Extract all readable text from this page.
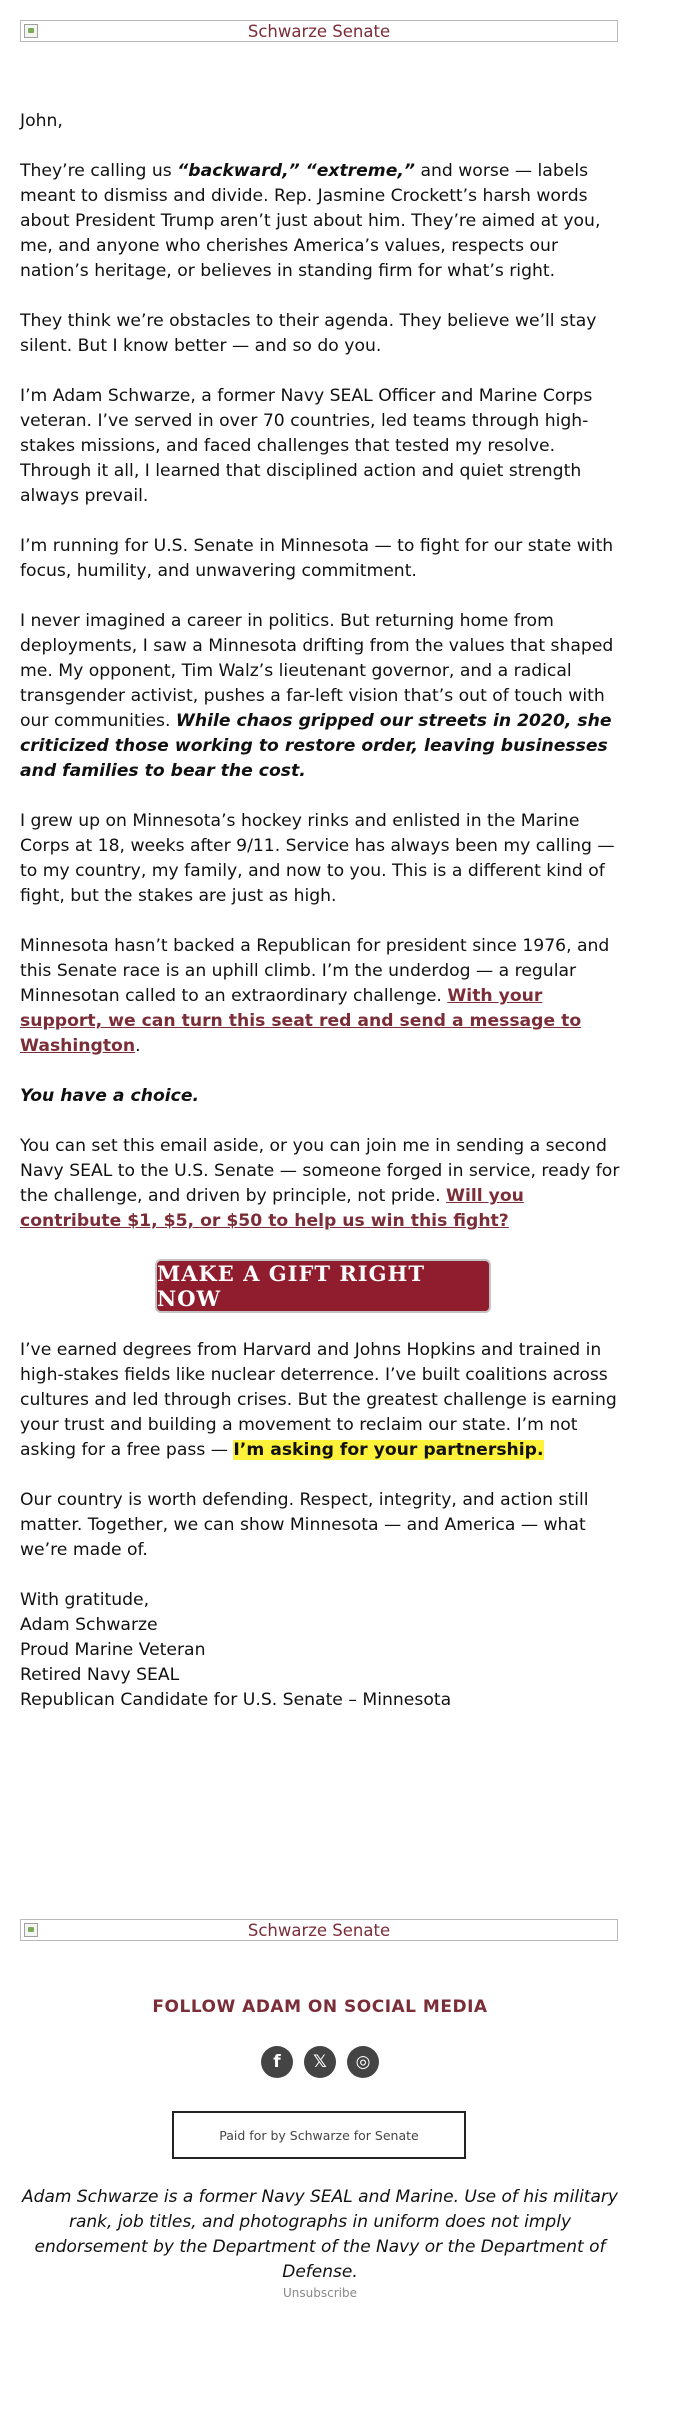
Schwarze Senate

John,

They’re calling us “backward,” “extreme,” and worse — labels meant to dismiss and divide. Rep. Jasmine Crockett’s harsh words about President Trump aren’t just about him. They’re aimed at you, me, and anyone who cherishes America’s values, respects our nation’s heritage, or believes in standing firm for what’s right.

They think we’re obstacles to their agenda. They believe we’ll stay silent. But I know better — and so do you.

I’m Adam Schwarze, a former Navy SEAL Officer and Marine Corps veteran. I’ve served in over 70 countries, led teams through high-stakes missions, and faced challenges that tested my resolve. Through it all, I learned that disciplined action and quiet strength always prevail.

I’m running for U.S. Senate in Minnesota — to fight for our state with focus, humility, and unwavering commitment.

I never imagined a career in politics. But returning home from deployments, I saw a Minnesota drifting from the values that shaped me. My opponent, Tim Walz’s lieutenant governor, and a radical transgender activist, pushes a far-left vision that’s out of touch with our communities. While chaos gripped our streets in 2020, she criticized those working to restore order, leaving businesses and families to bear the cost.

I grew up on Minnesota’s hockey rinks and enlisted in the Marine Corps at 18, weeks after 9/11. Service has always been my calling — to my country, my family, and now to you. This is a different kind of fight, but the stakes are just as high.

Minnesota hasn’t backed a Republican for president since 1976, and this Senate race is an uphill climb. I’m the underdog — a regular Minnesotan called to an extraordinary challenge. With your support, we can turn this seat red and send a message to Washington.

You have a choice.

You can set this email aside, or you can join me in sending a second Navy SEAL to the U.S. Senate — someone forged in service, ready for the challenge, and driven by principle, not pride. Will you contribute $1, $5, or $50 to help us win this fight?

MAKE A GIFT RIGHT NOW

I’ve earned degrees from Harvard and Johns Hopkins and trained in high-stakes fields like nuclear deterrence. I’ve built coalitions across cultures and led through crises. But the greatest challenge is earning your trust and building a movement to reclaim our state. I’m not asking for a free pass — I’m asking for your partnership.

Our country is worth defending. Respect, integrity, and action still matter. Together, we can show Minnesota — and America — what we’re made of.

With gratitude,

Adam Schwarze

Proud Marine Veteran

Retired Navy SEAL

Republican Candidate for U.S. Senate – Minnesota

Schwarze Senate
FOLLOW ADAM ON SOCIAL MEDIA
f	𝕏	◎
Paid for by Schwarze for Senate
Adam Schwarze is a former Navy SEAL and Marine. Use of his military rank, job titles, and photographs in uniform does not imply endorsement by the Department of the Navy or the Department of Defense.
Unsubscribe
